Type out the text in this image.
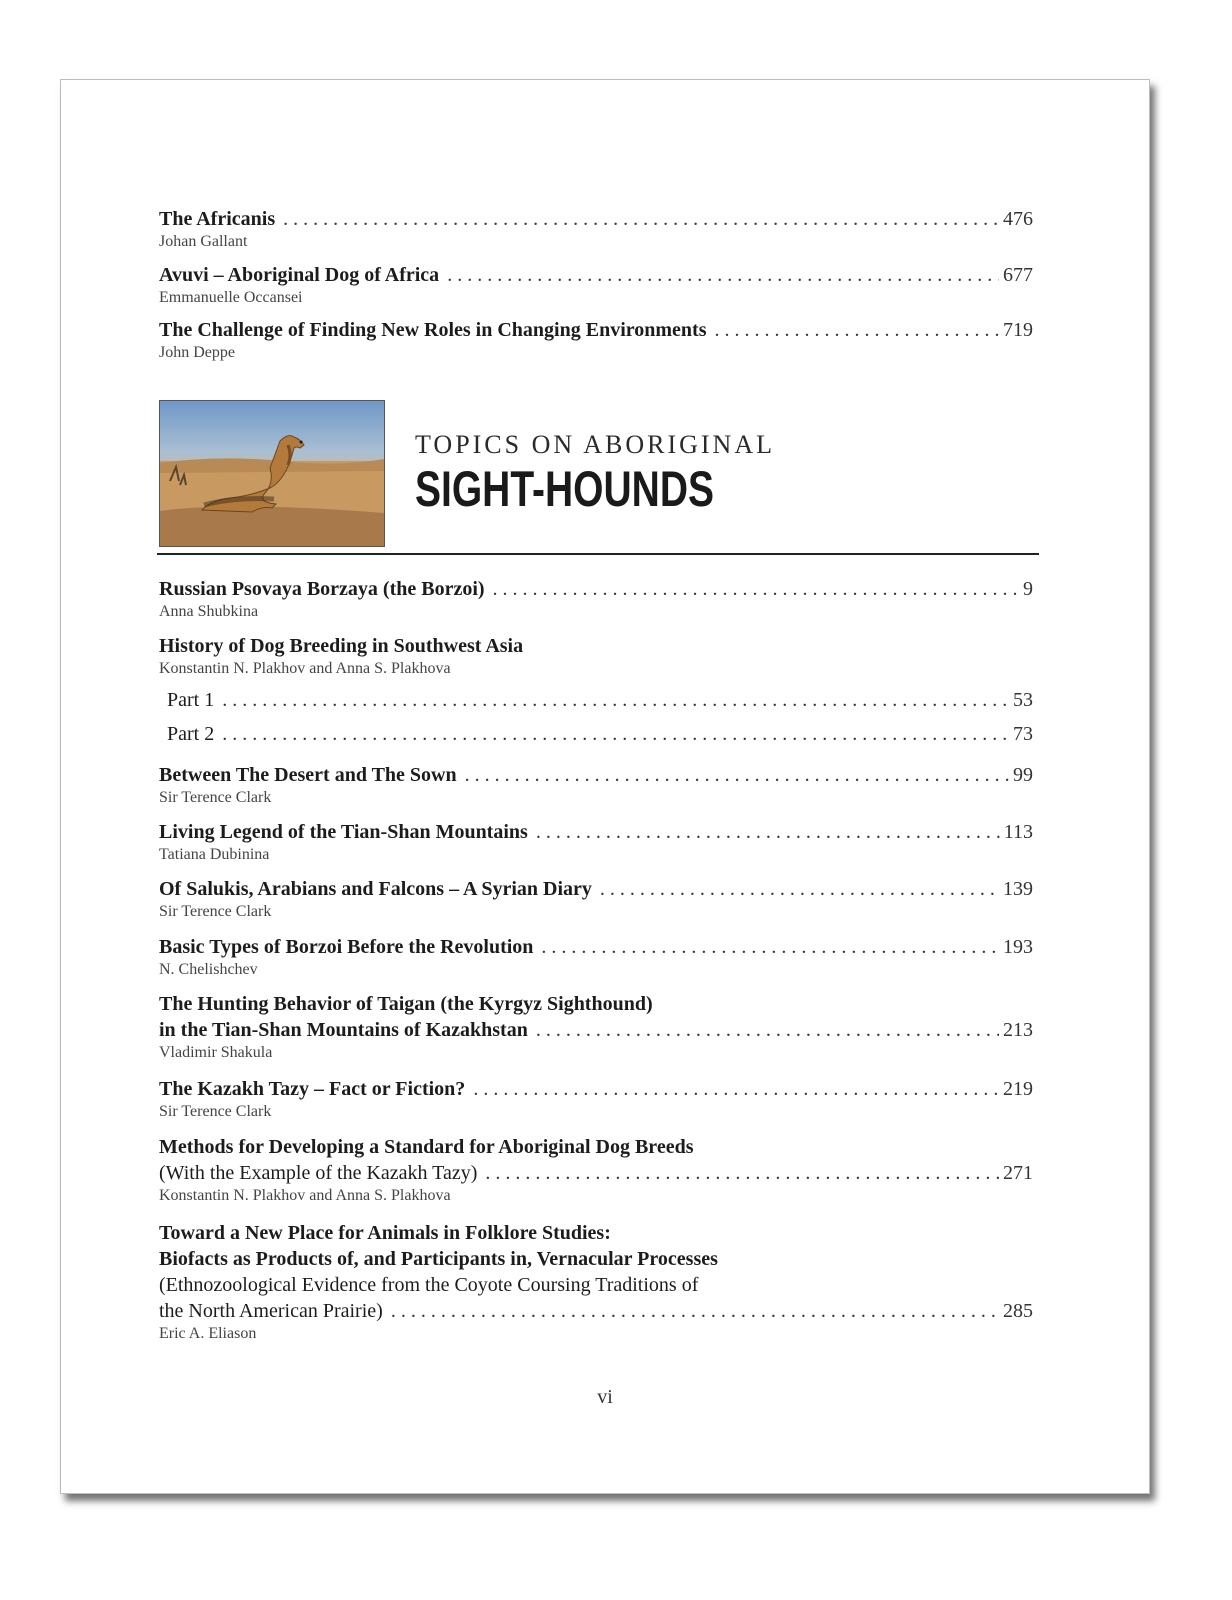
The Africanis . . .	476
Johan Gallant
Avuvi – Aboriginal Dog of Africa . . .	677
Emmanuelle Occansei
The Challenge of Finding New Roles in Changing Environments . . .	719
John Deppe
TOPICS ON ABORIGINAL
SIGHT-HOUNDS
Russian Psovaya Borzaya (the Borzoi) . . .	9
Anna Shubkina
History of Dog Breeding in Southwest Asia
Konstantin N. Plakhov and Anna S. Plakhova
Part 1 . . .	53
Part 2 . . .	73
Between The Desert and The Sown . . .	99
Sir Terence Clark
Living Legend of the Tian-Shan Mountains . . .	113
Tatiana Dubinina
Of Salukis, Arabians and Falcons – A Syrian Diary . . .	139
Sir Terence Clark
Basic Types of Borzoi Before the Revolution . . .	193
N. Chelishchev
The Hunting Behavior of Taigan (the Kyrgyz Sighthound)
in the Tian-Shan Mountains of Kazakhstan . . .	213
Vladimir Shakula
The Kazakh Tazy – Fact or Fiction? . . .	219
Sir Terence Clark
Methods for Developing a Standard for Aboriginal Dog Breeds
(With the Example of the Kazakh Tazy) . . .	271
Konstantin N. Plakhov and Anna S. Plakhova
Toward a New Place for Animals in Folklore Studies:
Biofacts as Products of, and Participants in, Vernacular Processes
(Ethnozoological Evidence from the Coyote Coursing Traditions of
the North American Prairie) . . .	285
Eric A. Eliason
vi
